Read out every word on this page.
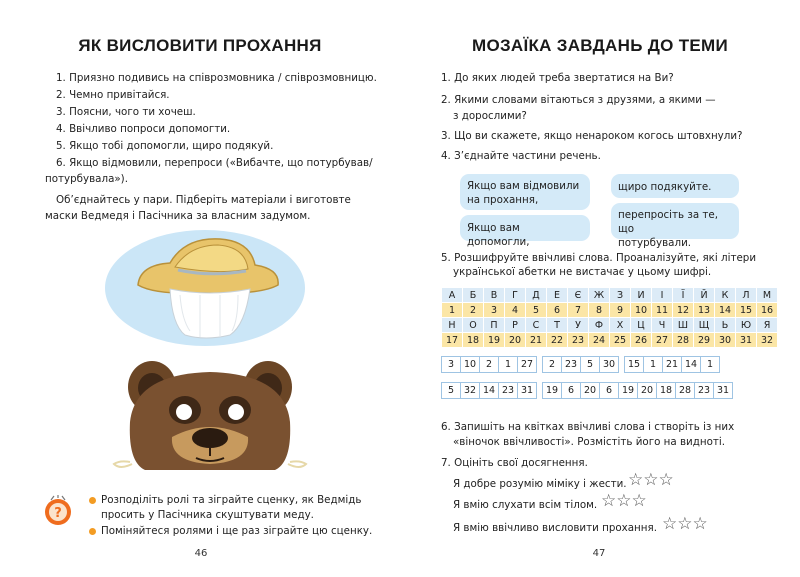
ЯК ВИСЛОВИТИ ПРОХАННЯ
1. Приязно подивись на співрозмовника / співрозмовницю.
2. Чемно привітайся.
3. Поясни, чого ти хочеш.
4. Ввічливо попроси допомогти.
5. Якщо тобі допомогли, щиро подякуй.
6. Якщо відмовили, перепроси («Вибачте, що потурбував/
потурбувала»).
Об’єднайтесь у пари. Підберіть матеріали і виготовте
маски Ведмедя і Пасічника за власним задумом.
?
Розподіліть ролі та зіграйте сценку, як Ведмідь
просить у Пасічника скуштувати меду.
Поміняйтеся ролями і ще раз зіграйте цю сценку.
46
МОЗАЇКА ЗАВДАНЬ ДО ТЕМИ
1. До яких людей треба звертатися на Ви?
2. Якими словами вітаються з друзями, а якими —
з дорослими?
3. Що ви скажете, якщо ненароком когось штовхнули?
4. З’єднайте частини речень.
Якщо вам відмовили
на прохання,
Якщо вам допомогли,
щиро подякуйте.
перепросіть за те, що
потурбували.
5. Розшифруйте ввічливі слова. Проаналізуйте, які літери
української абетки не вистачає у цьому шифрі.
6. Запишіть на квітках ввічливі слова і створіть із них
«віночок ввічливості». Розмістіть його на видноті.
7. Оцініть свої досягнення.
Я добре розумію міміку і жести. ☆☆☆
Я вмію слухати всім тілом. ☆☆☆
Я вмію ввічливо висловити прохання. ☆☆☆
47
А	Б	В	Г	Д	Е	Є	Ж	З	И	І	Ї	Й	К	Л	М
1	2	3	4	5	6	7	8	9	10	11	12	13	14	15	16
Н	О	П	Р	С	Т	У	Ф	Х	Ц	Ч	Ш	Щ	Ь	Ю	Я
17	18	19	20	21	22	23	24	25	26	27	28	29	30	31	32
3	10	2	1	27		2	23	5	30		15	1	21	14	1
5	32	14	23	31		19	6	20	6	19	20	18	28	23	31
